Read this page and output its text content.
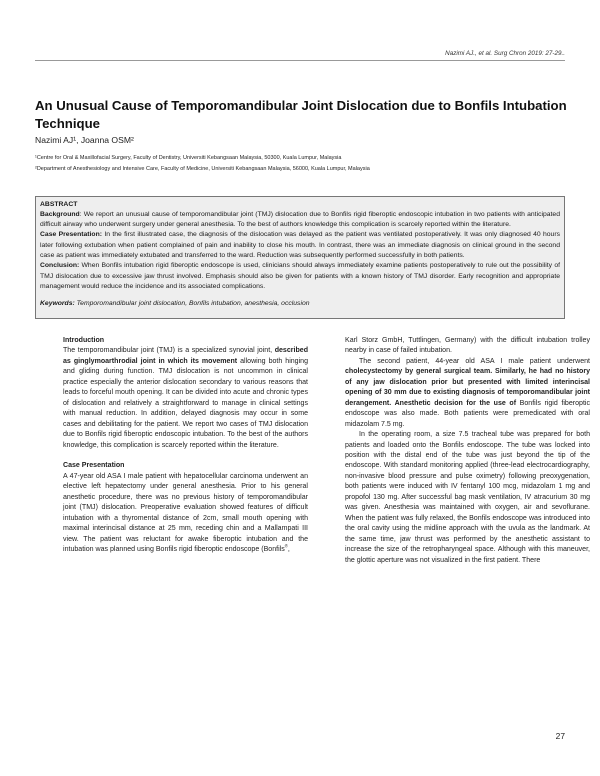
Nazimi AJ., et al. Surg Chron 2019: 27-29..
An Unusual Cause of Temporomandibular Joint Dislocation due to Bonfils Intubation Technique
Nazimi AJ¹, Joanna OSM²
¹Centre for Oral & Maxillofacial Surgery, Faculty of Dentistry, Universiti Kebangsaan Malaysia, 50300, Kuala Lumpur, Malaysia
²Department of Anesthesiology and Intensive Care, Faculty of Medicine, Universiti Kebangsaan Malaysia, 56000, Kuala Lumpur, Malaysia
ABSTRACT

Background: We report an unusual cause of temporomandibular joint (TMJ) dislocation due to Bonfils rigid fiberoptic endoscopic intubation in two patients with anticipated difficult airway who underwent surgery under general anesthesia. To the best of authors knowledge this complication is scarcely reported within the literature.

Case Presentation: In the first illustrated case, the diagnosis of the dislocation was delayed as the patient was ventilated postoperatively. It was only diagnosed 40 hours later following extubation when patient complained of pain and inability to close his mouth. In contrast, there was an immediate diagnosis on clinical ground in the second case as patient was immediately extubated and transferred to the ward. Reduction was subsequently performed successfully in both patients.

Conclusion: When Bonfils intubation rigid fiberoptic endoscope is used, clinicians should always immediately examine patients postoperatively to rule out the possibility of TMJ dislocation due to excessive jaw thrust involved. Emphasis should also be given for patients with a known history of TMJ disorder. Early recognition and appropriate management would reduce the incidence and its associated complications.

Keywords: Temporomandibular joint dislocation, Bonfils intubation, anesthesia, occlusion

Introduction

The temporomandibular joint (TMJ) is a specialized synovial joint, described as ginglymoarthrodial joint in which its movement allowing both hinging and gliding during function. TMJ dislocation is not uncommon in clinical practice especially the anterior dislocation secondary to various reasons that leads to forceful mouth opening. It can be divided into acute and chronic types of dislocation and relatively a straightforward to manage in clinical settings with manual reduction. In addition, delayed diagnosis may occur in some cases and debilitating for the patient. We report two cases of TMJ dislocation due to Bonfils rigid fiberoptic endoscopic intubation. To the best of the authors knowledge, this complication is scarcely reported within the literature.

Case Presentation

A 47-year old ASA I male patient with hepatocellular carcinoma underwent an elective left hepatectomy under general anesthesia. Prior to his general anesthetic procedure, there was no previous history of temporomandibular joint (TMJ) dislocation. Preoperative evaluation showed features of difficult intubation with a thyromental distance of 2cm, small mouth opening with maximal interincisal distance at 25 mm, receding chin and a Mallampati III view. The patient was reluctant for awake fiberoptic intubation and the intubation was planned using Bonfils rigid fiberoptic endoscope (Bonfils®,

Karl Storz GmbH, Tuttlingen, Germany) with the difficult intubation trolley nearby in case of failed intubation.

The second patient, 44-year old ASA I male patient underwent cholecystectomy by general surgical team. Similarly, he had no history of any jaw dislocation prior but presented with limited interincisal opening of 30 mm due to existing diagnosis of temporomandibular joint derangement. Anesthetic decision for the use of Bonfils rigid fiberoptic endoscope was also made. Both patients were premedicated with oral midazolam 7.5 mg.

In the operating room, a size 7.5 tracheal tube was prepared for both patients and loaded onto the Bonfils endoscope. The tube was locked into position with the distal end of the tube was just beyond the tip of the endoscope. With standard monitoring applied (three-lead electrocardiography, non-invasive blood pressure and pulse oximetry) following preoxygenation, both patients were induced with IV fentanyl 100 mcg, midazolam 1 mg and propofol 130 mg. After successful bag mask ventilation, IV atracurium 30 mg was given. Anesthesia was maintained with oxygen, air and sevoflurane. When the patient was fully relaxed, the Bonfils endoscope was introduced into the oral cavity using the midline approach with the uvula as the landmark. At the same time, jaw thrust was performed by the anesthetic assistant to increase the size of the retropharyngeal space. Although with this maneuver, the glottic aperture was not visualized in the first patient. There

27
